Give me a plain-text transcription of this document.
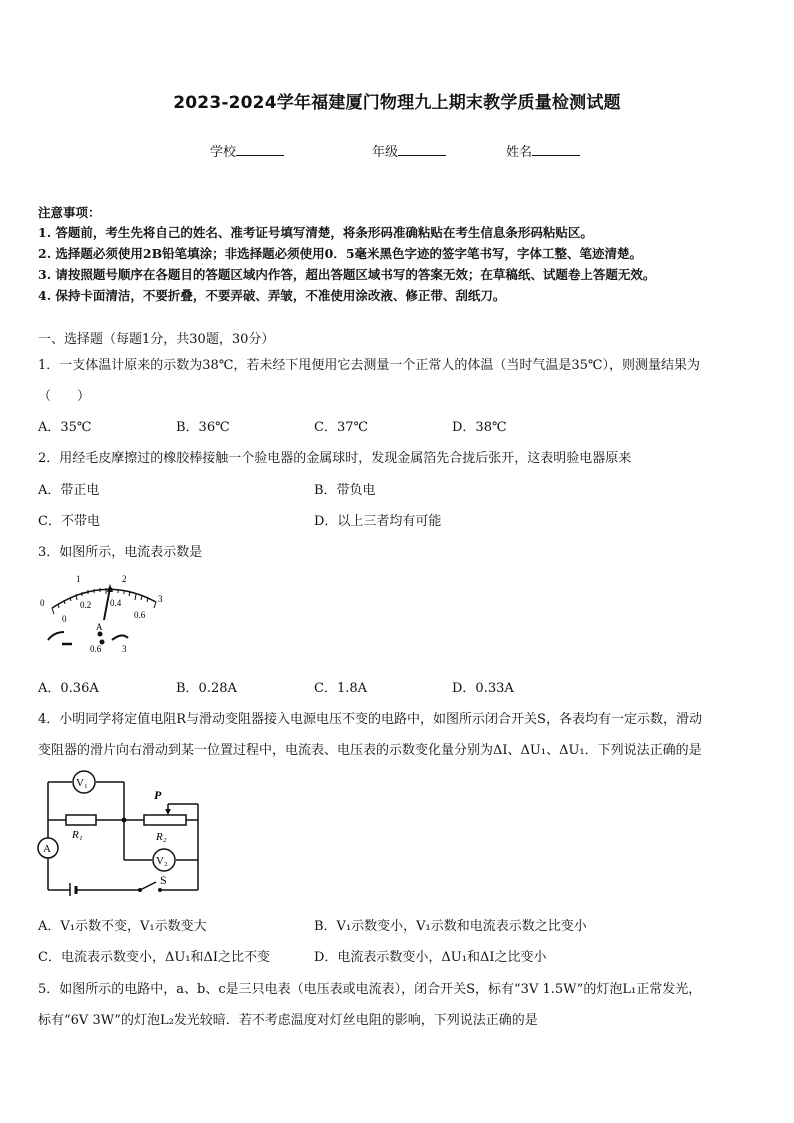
2023-2024学年福建厦门物理九上期末教学质量检测试题
学校	年级	姓名
注意事项：
1. 答题前，考生先将自己的姓名、准考证号填写清楚，将条形码准确粘贴在考生信息条形码粘贴区。
2. 选择题必须使用2B铅笔填涂；非选择题必须使用0．5毫米黑色字迹的签字笔书写，字体工整、笔迹清楚。
3. 请按照题号顺序在各题目的答题区域内作答，超出答题区域书写的答案无效；在草稿纸、试题卷上答题无效。
4. 保持卡面清洁，不要折叠，不要弄破、弄皱，不准使用涂改液、修正带、刮纸刀。
一、选择题（每题1分，共30题，30分）
1．一支体温计原来的示数为38℃，若未经下甩便用它去测量一个正常人的体温（当时气温是35℃），则测量结果为
（　　）
A．35℃	B．36℃	C．37℃	D．38℃
2．用经毛皮摩擦过的橡胶棒接触一个验电器的金属球时，发现金属箔先合拢后张开，这表明验电器原来
A．带正电	B．带负电
C．不带电	D．以上三者均有可能
3．如图所示，电流表示数是
0
1	2
3
0
0.2 0.4
0.6
A
0.6 3
A．0.36A	B．0.28A	C．1.8A	D．0.33A
4．小明同学将定值电阻R与滑动变阻器接入电源电压不变的电路中，如图所示闭合开关S，各表均有一定示数，滑动
变阻器的滑片向右滑动到某一位置过程中，电流表、电压表的示数变化量分别为ΔI、ΔU₁、ΔU₁．下列说法正确的是
V₁
R₁
P
R₂
V₂
A
S
A．V₁示数不变，V₁示数变大	B．V₁示数变小，V₁示数和电流表示数之比变小
C．电流表示数变小，ΔU₁和ΔI之比不变	D．电流表示数变小，ΔU₁和ΔI之比变小
5．如图所示的电路中，a、b、c是三只电表（电压表或电流表），闭合开关S，标有“3V 1.5W”的灯泡L₁正常发光，
标有“6V 3W”的灯泡L₂发光较暗．若不考虑温度对灯丝电阻的影响，下列说法正确的是
